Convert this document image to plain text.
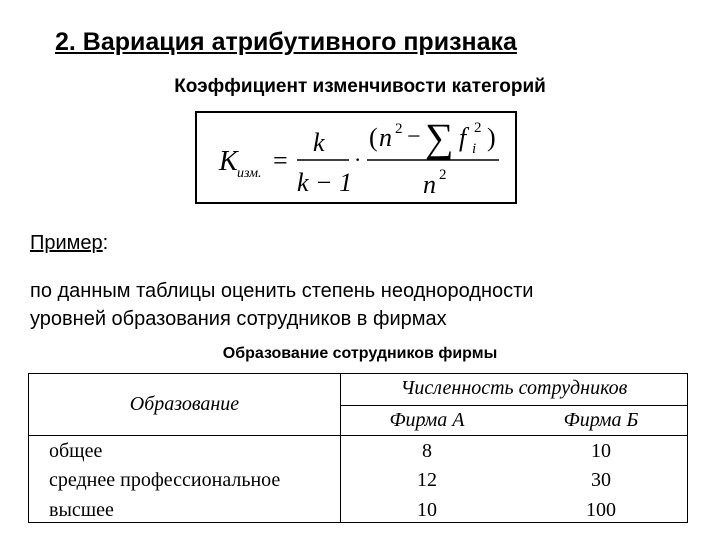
2. Вариация атрибутивного признака
Коэффициент изменчивости категорий
K изм. =
k
k − 1
·
( n 2 − ∑ f 2
i )
n 2
Пример:
по данным таблицы оценить степень неоднородности
уровней образования сотрудников в фирмах
Образование сотрудников фирмы
Образование
Численность сотрудников
Фирма А	Фирма Б
общее	8	10
среднее профессиональное	12	30
высшее	10	100
